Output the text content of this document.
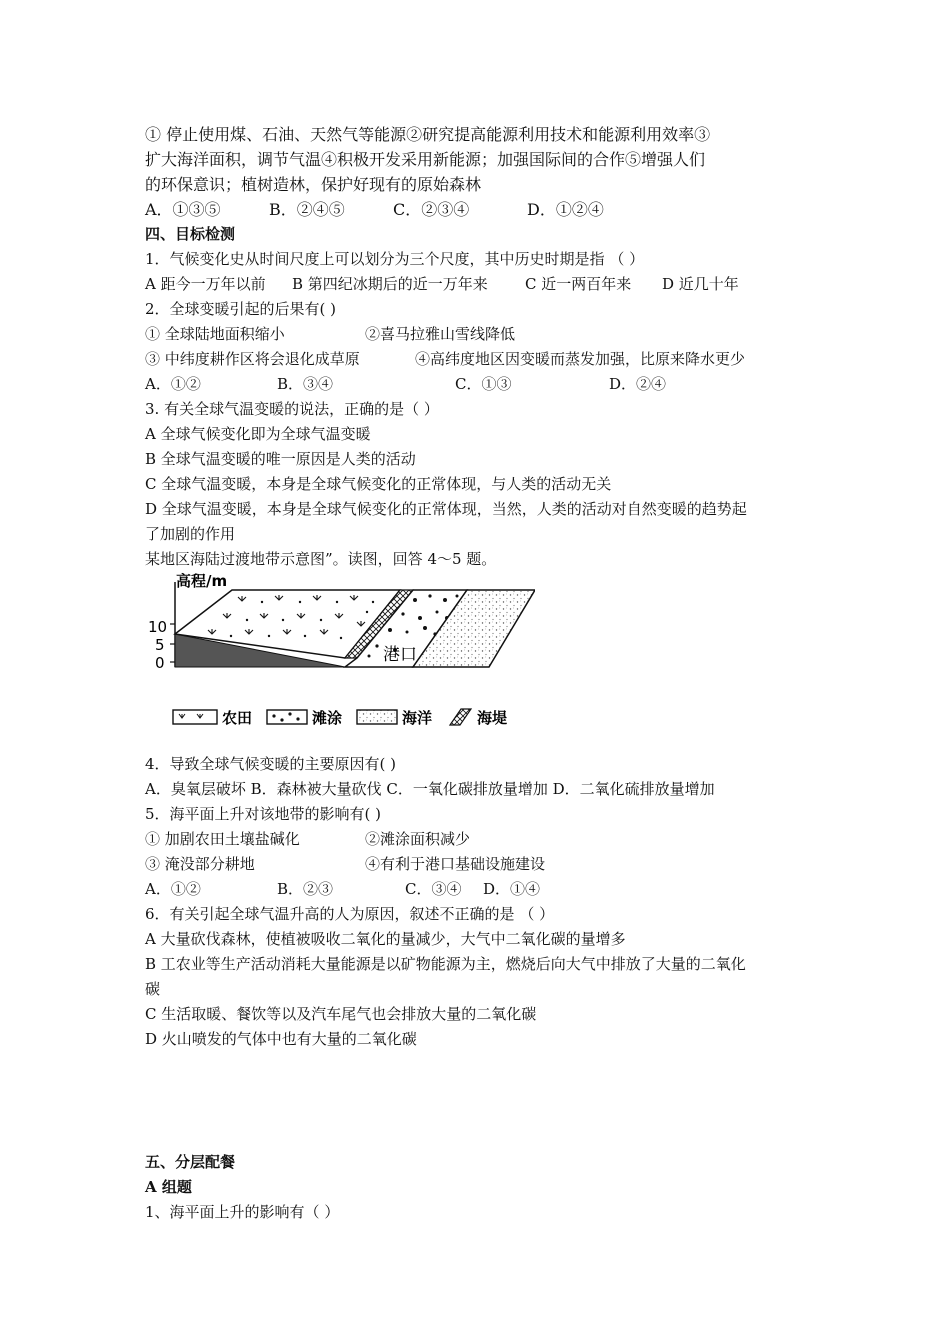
① 停止使用煤、石油、天然气等能源②研究提高能源利用技术和能源利用效率③
扩大海洋面积，调节气温④积极开发采用新能源；加强国际间的合作⑤增强人们
的环保意识；植树造林，保护好现有的原始森林
A．①③⑤	B．②④⑤	C．②③④	D．①②④
四、目标检测
1．气候变化史从时间尺度上可以划分为三个尺度，其中历史时期是指 （ ）
A 距今一万年以前 B 第四纪冰期后的近一万年来 C 近一两百年来 D 近几十年
2．全球变暖引起的后果有( )
① 全球陆地面积缩小	②喜马拉雅山雪线降低
③ 中纬度耕作区将会退化成草原	④高纬度地区因变暖而蒸发加强，比原来降水更少
A．①②	B．③④	C．①③	D．②④
3. 有关全球气温变暖的说法，正确的是（ ）
A 全球气候变化即为全球气温变暖
B 全球气温变暖的唯一原因是人类的活动
C 全球气温变暖，本身是全球气候变化的正常体现，与人类的活动无关
D 全球气温变暖，本身是全球气候变化的正常体现，当然，人类的活动对自然变暖的趋势起
了加剧的作用
某地区海陆过渡地带示意图”。读图，回答 4～5 题。
高程/m
10
5
0	港口
农田	滩涂	海洋	海堤
4．导致全球气候变暖的主要原因有( )
A．臭氧层破坏 B．森林被大量砍伐 C．一氧化碳排放量增加 D．二氧化硫排放量增加
5．海平面上升对该地带的影响有( )
① 加剧农田土壤盐碱化	②滩涂面积减少
③ 淹没部分耕地	④有利于港口基础设施建设
A．①②	B．②③	C．③④ D．①④
6．有关引起全球气温升高的人为原因，叙述不正确的是 （ ）
A 大量砍伐森林，使植被吸收二氧化的量减少，大气中二氧化碳的量增多
B 工农业等生产活动消耗大量能源是以矿物能源为主，燃烧后向大气中排放了大量的二氧化
碳
C 生活取暖、餐饮等以及汽车尾气也会排放大量的二氧化碳
D 火山喷发的气体中也有大量的二氧化碳
五、分层配餐
A 组题
1、海平面上升的影响有（ ）
